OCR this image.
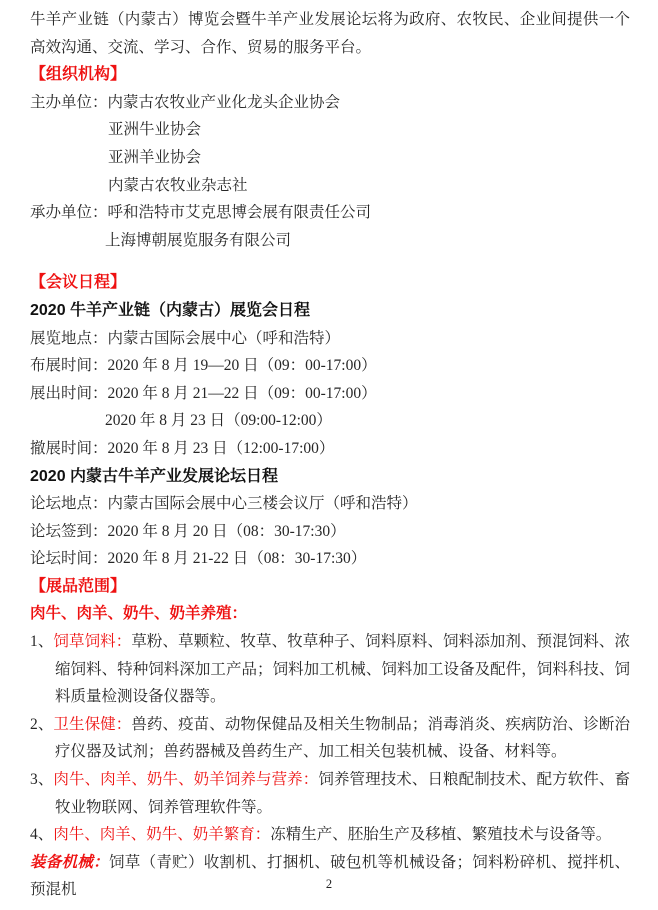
牛羊产业链（内蒙古）博览会暨牛羊产业发展论坛将为政府、农牧民、企业间提供一个高效沟通、交流、学习、合作、贸易的服务平台。

【组织机构】

主办单位：内蒙古农牧业产业化龙头企业协会

亚洲牛业协会

亚洲羊业协会

内蒙古农牧业杂志社

承办单位：呼和浩特市艾克思博会展有限责任公司

上海博朝展览服务有限公司

【会议日程】
2020 牛羊产业链（内蒙古）展览会日程

展览地点：内蒙古国际会展中心（呼和浩特）

布展时间：2020 年 8 月 19—20 日（09：00-17:00）

展出时间：2020 年 8 月 21—22 日（09：00-17:00）

2020 年 8 月 23 日（09:00-12:00）

撤展时间：2020 年 8 月 23 日（12:00-17:00）

2020 内蒙古牛羊产业发展论坛日程

论坛地点：内蒙古国际会展中心三楼会议厅（呼和浩特）

论坛签到：2020 年 8 月 20 日（08：30-17:30）

论坛时间：2020 年 8 月 21-22 日（08：30-17:30）

【展品范围】
肉牛、肉羊、奶牛、奶羊养殖：

1、饲草饲料：草粉、草颗粒、牧草、牧草种子、饲料原料、饲料添加剂、预混饲料、浓缩饲料、特种饲料深加工产品；饲料加工机械、饲料加工设备及配件，饲料科技、饲料质量检测设备仪器等。

2、卫生保健：兽药、疫苗、动物保健品及相关生物制品；消毒消炎、疾病防治、诊断治疗仪器及试剂；兽药器械及兽药生产、加工相关包装机械、设备、材料等。

3、肉牛、肉羊、奶牛、奶羊饲养与营养：饲养管理技术、日粮配制技术、配方软件、畜牧业物联网、饲养管理软件等。

4、肉牛、肉羊、奶牛、奶羊繁育：冻精生产、胚胎生产及移植、繁殖技术与设备等。

装备机械：饲草（青贮）收割机、打捆机、破包机等机械设备；饲料粉碎机、搅拌机、预混机	2
